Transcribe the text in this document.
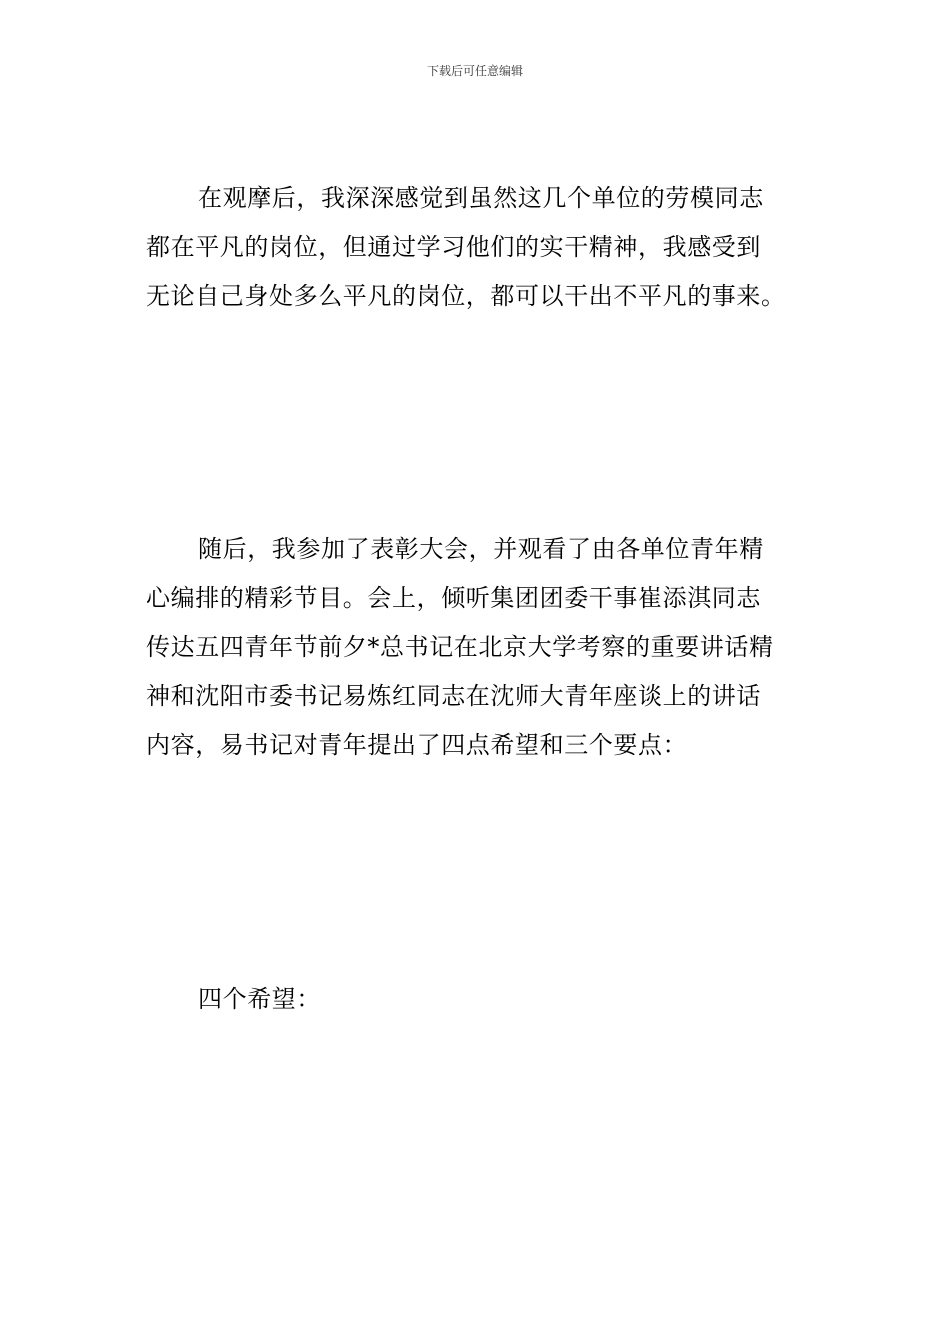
下载后可任意编辑

在观摩后，我深深感觉到虽然这几个单位的劳模同志
都在平凡的岗位，但通过学习他们的实干精神，我感受到
无论自己身处多么平凡的岗位，都可以干出不平凡的事来。

随后，我参加了表彰大会，并观看了由各单位青年精
心编排的精彩节目。会上，倾听集团团委干事崔添淇同志
传达五四青年节前夕*总书记在北京大学考察的重要讲话精
神和沈阳市委书记易炼红同志在沈师大青年座谈上的讲话
内容，易书记对青年提出了四点希望和三个要点：

四个希望：
